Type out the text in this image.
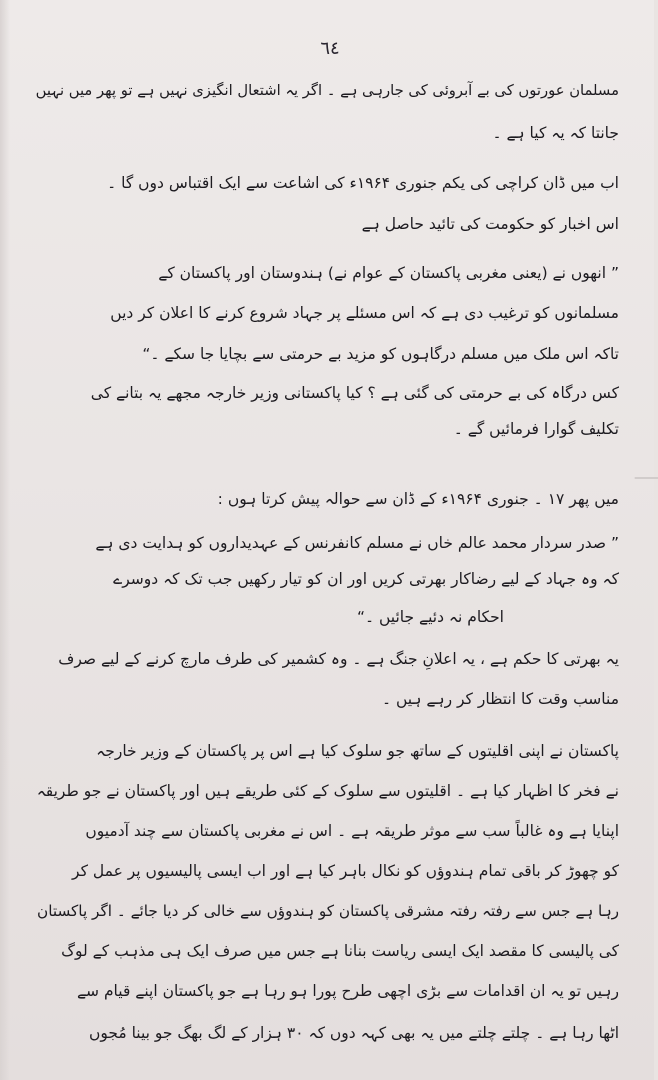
٦٤
مسلمان عورتوں کی بے آبروئی کی جارہی ہے ۔ اگر یہ اشتعال انگیزی نہیں ہے تو پھر میں نہیں
جانتا کہ یہ کیا ہے ۔
اب میں ڈان کراچی کی یکم جنوری ۱۹۶۴ء کی اشاعت سے ایک اقتباس دوں گا ۔
اس اخبار کو حکومت کی تائید حاصل ہے
” انھوں نے (یعنی مغربی پاکستان کے عوام نے) ہندوستان اور پاکستان کے
مسلمانوں کو ترغیب دی ہے کہ اس مسئلے پر جہاد شروع کرنے کا اعلان کر دیں
تاکہ اس ملک میں مسلم درگاہوں کو مزید بے حرمتی سے بچایا جا سکے ۔“
کس درگاہ کی بے حرمتی کی گئی ہے ؟ کیا پاکستانی وزیر خارجہ مجھے یہ بتانے کی
تکلیف گوارا فرمائیں گے ۔
میں پھر ۱۷ ۔ جنوری ۱۹۶۴ء کے ڈان سے حوالہ پیش کرتا ہوں :
” صدر سردار محمد عالم خاں نے مسلم کانفرنس کے عہدیداروں کو ہدایت دی ہے
کہ وہ جہاد کے لیے رضاکار بھرتی کریں اور ان کو تیار رکھیں جب تک کہ دوسرے
احکام نہ دئیے جائیں ۔“
یہ بھرتی کا حکم ہے ، یہ اعلانِ جنگ ہے ۔ وہ کشمیر کی طرف مارچ کرنے کے لیے صرف
مناسب وقت کا انتظار کر رہے ہیں ۔
پاکستان نے اپنی اقلیتوں کے ساتھ جو سلوک کیا ہے اس پر پاکستان کے وزیر خارجہ
نے فخر کا اظہار کیا ہے ۔ اقلیتوں سے سلوک کے کئی طریقے ہیں اور پاکستان نے جو طریقہ
اپنایا ہے وہ غالباً سب سے موثر طریقہ ہے ۔ اس نے مغربی پاکستان سے چند آدمیوں
کو چھوڑ کر باقی تمام ہندوؤں کو نکال باہر کیا ہے اور اب ایسی پالیسیوں پر عمل کر
رہا ہے جس سے رفتہ رفتہ مشرقی پاکستان کو ہندوؤں سے خالی کر دیا جائے ۔ اگر پاکستان
کی پالیسی کا مقصد ایک ایسی ریاست بنانا ہے جس میں صرف ایک ہی مذہب کے لوگ
رہیں تو یہ ان اقدامات سے بڑی اچھی طرح پورا ہو رہا ہے جو پاکستان اپنے قیام سے
اٹھا رہا ہے ۔ چلتے چلتے میں یہ بھی کہہ دوں کہ ۳۰ ہزار کے لگ بھگ جو بینا مُجوں
——
